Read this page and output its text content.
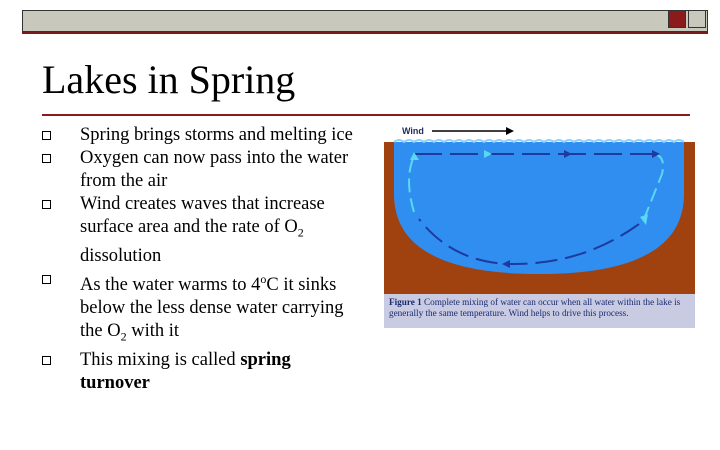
Lakes in Spring
Spring brings storms and melting ice
Oxygen can now pass into the water from the air
Wind creates waves that increase surface area and the rate of $O_2$ dissolution
As the water warms to 4$^o$C it sinks below the less dense water carrying the $O_2$ with it
This mixing is called spring turnover
Wind
Figure 1 Complete mixing of water can occur when all water within the lake is generally the same temperature. Wind helps to drive this process.
